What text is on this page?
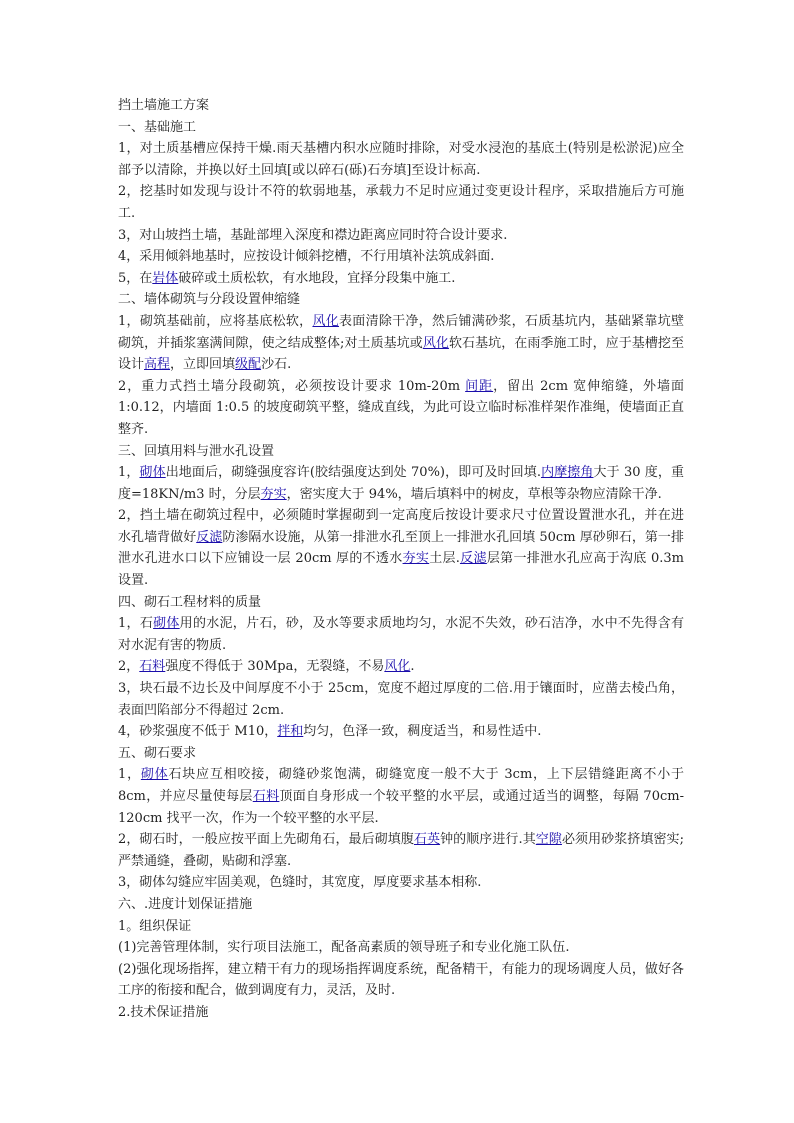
挡土墙施工方案
一、基础施工
1，对土质基槽应保持干燥.雨天基槽内积水应随时排除，对受水浸泡的基底土(特别是松淤泥)应全部予以清除，并换以好土回填[或以碎石(砾)石夯填]至设计标高.
2，挖基时如发现与设计不符的软弱地基，承载力不足时应通过变更设计程序，采取措施后方可施工.
3，对山坡挡土墙，基趾部埋入深度和襟边距离应同时符合设计要求.
4，采用倾斜地基时，应按设计倾斜挖槽，不行用填补法筑成斜面.
5，在岩体破碎或土质松软，有水地段，宜择分段集中施工.
二、墙体砌筑与分段设置伸缩缝
1，砌筑基础前，应将基底松软，风化表面清除干净，然后铺满砂浆，石质基坑内，基础紧靠坑壁砌筑，并插浆塞满间隙，使之结成整体;对土质基坑或风化软石基坑，在雨季施工时，应于基槽挖至设计高程，立即回填级配沙石.
2，重力式挡土墙分段砌筑，必须按设计要求 10m-20m 间距，留出 2cm 宽伸缩缝，外墙面 1:0.12，内墙面 1:0.5 的坡度砌筑平整，缝成直线，为此可设立临时标准样架作准绳，使墙面正直整齐.
三、回填用料与泄水孔设置
1，砌体出地面后，砌缝强度容许(胶结强度达到处 70%)，即可及时回填.内摩擦角大于 30 度，重度=18KN/m3 时，分层夯实，密实度大于 94%，墙后填料中的树皮，草根等杂物应清除干净.
2，挡土墙在砌筑过程中，必须随时掌握砌到一定高度后按设计要求尺寸位置设置泄水孔，并在进水孔墙背做好反滤防渗隔水设施，从第一排泄水孔至顶上一排泄水孔回填 50cm 厚砂卵石，第一排泄水孔进水口以下应铺设一层 20cm 厚的不透水夯实土层.反滤层第一排泄水孔应高于沟底 0.3m 设置.
四、砌石工程材料的质量
1，石砌体用的水泥，片石，砂，及水等要求质地均匀，水泥不失效，砂石洁净，水中不先得含有对水泥有害的物质.
2，石料强度不得低于 30Mpa，无裂缝，不易风化.
3，块石最不边长及中间厚度不小于 25cm，宽度不超过厚度的二倍.用于镶面时，应凿去棱凸角，表面凹陷部分不得超过 2cm.
4，砂浆强度不低于 M10，拌和均匀，色泽一致，稠度适当，和易性适中.
五、砌石要求
1，砌体石块应互相咬接，砌缝砂浆饱满，砌缝宽度一般不大于 3cm，上下层错缝距离不小于 8cm，并应尽量使每层石料顶面自身形成一个较平整的水平层，或通过适当的调整，每隔 70cm-120cm 找平一次，作为一个较平整的水平层.
2，砌石时，一般应按平面上先砌角石，最后砌填腹石英钟的顺序进行.其空隙必须用砂浆挤填密实;严禁通缝，叠砌，贴砌和浮塞.
3，砌体勾缝应牢固美观，色缝时，其宽度，厚度要求基本相称.
六、.进度计划保证措施
1。组织保证
(1)完善管理体制，实行项目法施工，配备高素质的领导班子和专业化施工队伍.
(2)强化现场指挥，建立精干有力的现场指挥调度系统，配备精干，有能力的现场调度人员，做好各工序的衔接和配合，做到调度有力，灵活，及时.
2.技术保证措施
